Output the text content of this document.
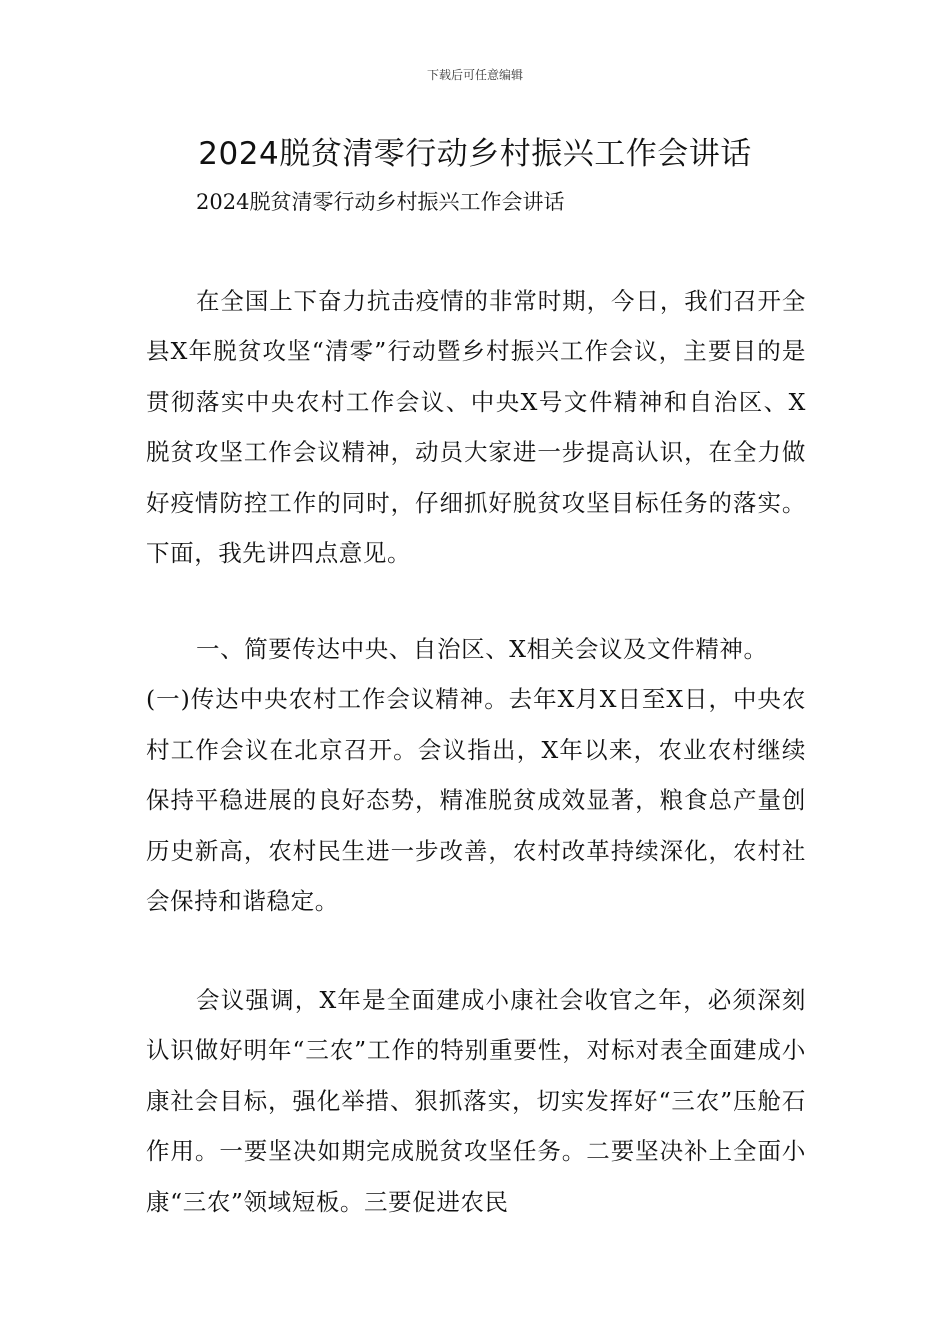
下载后可任意编辑
2024脱贫清零行动乡村振兴工作会讲话
2024脱贫清零行动乡村振兴工作会讲话

在全国上下奋力抗击疫情的非常时期，今日，我们召开全县X年脱贫攻坚“清零”行动暨乡村振兴工作会议，主要目的是贯彻落实中央农村工作会议、中央X号文件精神和自治区、X脱贫攻坚工作会议精神，动员大家进一步提高认识，在全力做好疫情防控工作的同时，仔细抓好脱贫攻坚目标任务的落实。下面，我先讲四点意见。

一、简要传达中央、自治区、X相关会议及文件精神。
(一)传达中央农村工作会议精神。去年X月X日至X日，中央农村工作会议在北京召开。会议指出，X年以来，农业农村继续保持平稳进展的良好态势，精准脱贫成效显著，粮食总产量创历史新高，农村民生进一步改善，农村改革持续深化，农村社会保持和谐稳定。

会议强调，X年是全面建成小康社会收官之年，必须深刻认识做好明年“三农”工作的特别重要性，对标对表全面建成小康社会目标，强化举措、狠抓落实，切实发挥好“三农”压舱石作用。一要坚决如期完成脱贫攻坚任务。二要坚决补上全面小康“三农”领域短板。三要促进农民
